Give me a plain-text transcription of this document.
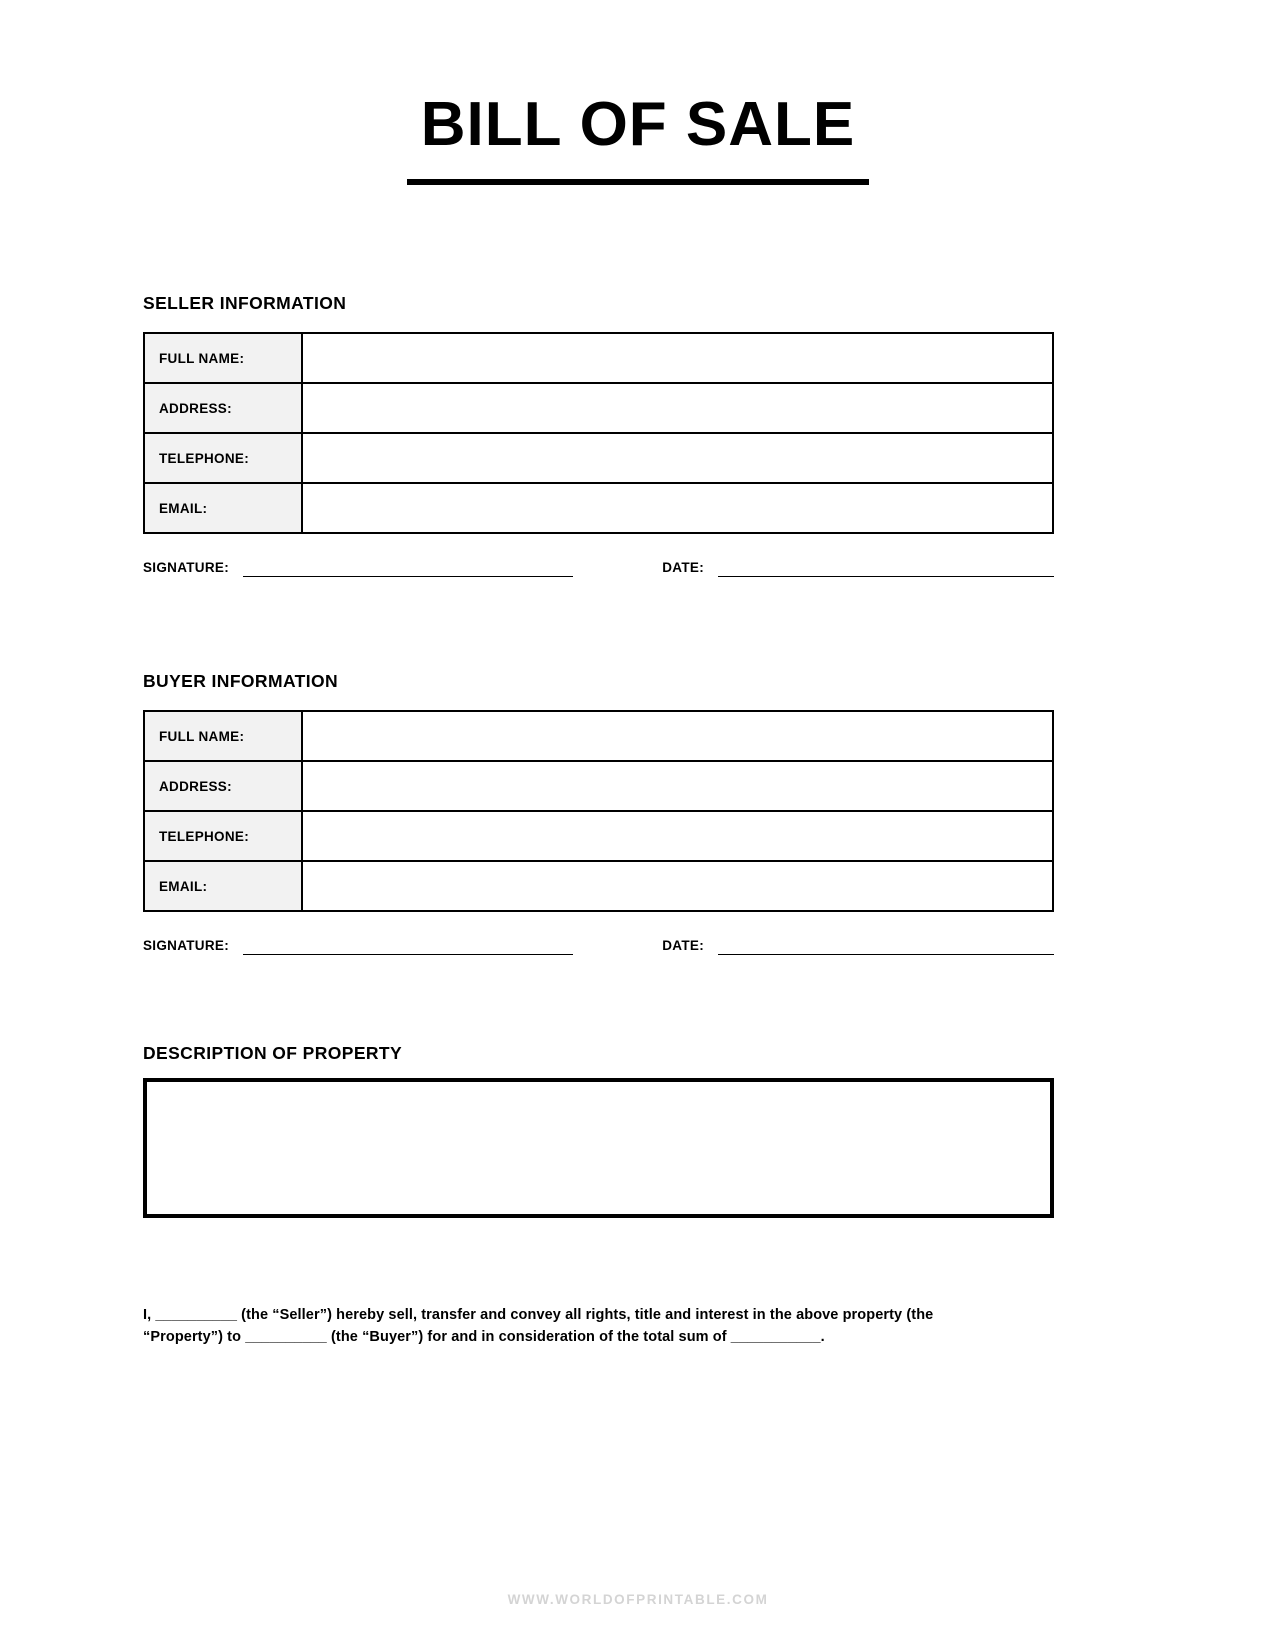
BILL OF SALE
SELLER INFORMATION
FULL NAME:	
ADDRESS:	
TELEPHONE:	
EMAIL:	
SIGNATURE:	DATE:
BUYER INFORMATION
FULL NAME:	
ADDRESS:	
TELEPHONE:	
EMAIL:	
SIGNATURE:	DATE:
DESCRIPTION OF PROPERTY

I, __________ (the “Seller”) hereby sell, transfer and convey all rights, title and interest in the above property (the “Property”) to __________ (the “Buyer”) for and in consideration of the total sum of ___________.

WWW.WORLDOFPRINTABLE.COM
